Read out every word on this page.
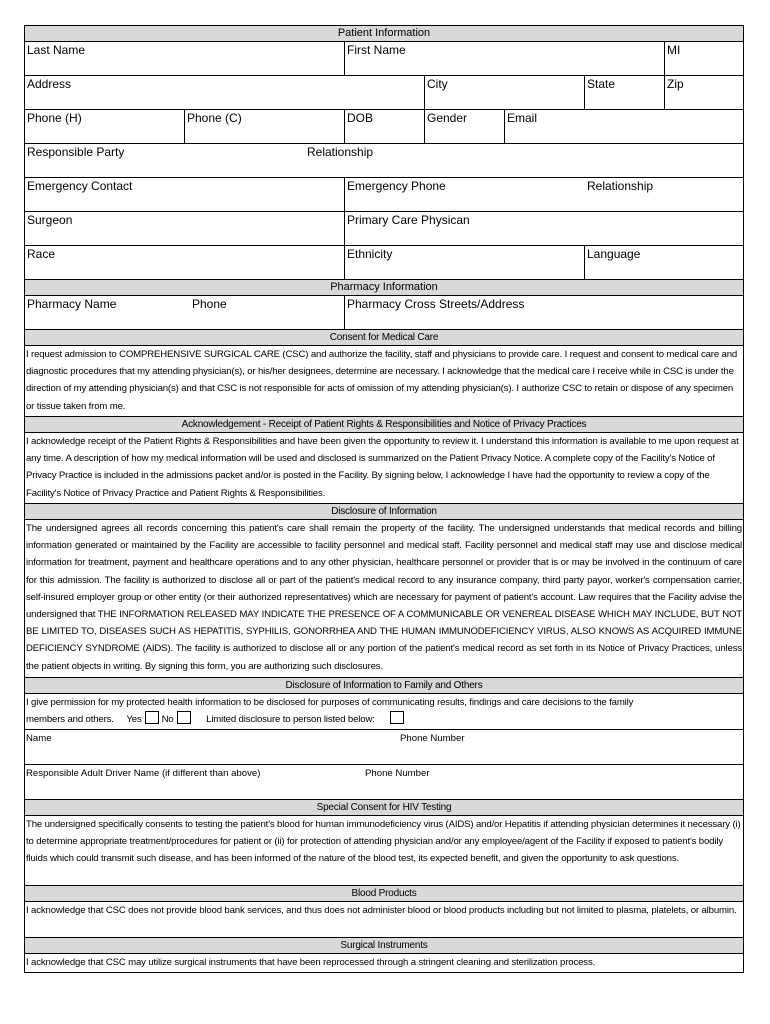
Patient Information
Last Name	First Name	MI
Address	City	State	Zip
Phone (H)	Phone (C)	DOB	Gender	Email
Responsible Party	Relationship
Emergency Contact	Emergency Phone	Relationship
Surgeon	Primary Care Physican
Race	Ethnicity	Language
Pharmacy Information
Pharmacy Name	Phone	Pharmacy Cross Streets/Address
Consent for Medical Care

I request admission to COMPREHENSIVE SURGICAL CARE (CSC) and authorize the facility, staff and physicians to provide care. I request and consent to medical care and diagnostic procedures that my attending physician(s), or his/her designees, determine are necessary. I acknowledge that the medical care I receive while in CSC is under the direction of my attending physician(s) and that CSC is not responsible for acts of omission of my attending physician(s). I authorize CSC to retain or dispose of any specimen or tissue taken from me.

Acknowledgement - Receipt of Patient Rights & Responsibilities and Notice of Privacy Practices

I acknowledge receipt of the Patient Rights & Responsibilities and have been given the opportunity to review it. I understand this information is available to me upon request at any time. A description of how my medical information will be used and disclosed is summarized on the Patient Privacy Notice. A complete copy of the Facility's Notice of Privacy Practice is included in the admissions packet and/or is posted in the Facility. By signing below, I acknowledge I have had the opportunity to review a copy of the Facility's Notice of Privacy Practice and Patient Rights & Responsibilities.

Disclosure of Information

The undersigned agrees all records concerning this patient's care shall remain the property of the facility. The undersigned understands that medical records and billing information generated or maintained by the Facility are accessible to facility personnel and medical staff. Facility personnel and medical staff may use and disclose medical information for treatment, payment and healthcare operations and to any other physician, healthcare personnel or provider that is or may be involved in the continuum of care for this admission. The facility is authorized to disclose all or part of the patient's medical record to any insurance company, third party payor, worker's compensation carrier, self-insured employer group or other entity (or their authorized representatives) which are necessary for payment of patient's account. Law requires that the Facility advise the undersigned that THE INFORMATION RELEASED MAY INDICATE THE PRESENCE OF A COMMUNICABLE OR VENEREAL DISEASE WHICH MAY INCLUDE, BUT NOT BE LIMITED TO, DISEASES SUCH AS HEPATITIS, SYPHILIS, GONORRHEA AND THE HUMAN IMMUNODEFICIENCY VIRUS, ALSO KNOWS AS ACQUIRED IMMUNE DEFICIENCY SYNDROME (AIDS). The facility is authorized to disclose all or any portion of the patient's medical record as set forth in its Notice of Privacy Practices, unless the patient objects in writing. By signing this form, you are authorizing such disclosures.

Disclosure of Information to Family and Others
I give permission for my protected health information to be disclosed for purposes of communicating results, findings and care decisions to the family
members and others. Yes No	Limited disclosure to person listed below:
Name	Phone Number
Responsible Adult Driver Name (if different than above)	Phone Number
Special Consent for HIV Testing

The undersigned specifically consents to testing the patient's blood for human immunodeficiency virus (AIDS) and/or Hepatitis if attending physician determines it necessary (i) to determine appropriate treatment/procedures for patient or (ii) for protection of attending physician and/or any employee/agent of the Facility if exposed to patient's bodily fluids which could transmit such disease, and has been informed of the nature of the blood test, its expected benefit, and given the opportunity to ask questions.

Blood Products

I acknowledge that CSC does not provide blood bank services, and thus does not administer blood or blood products including but not limited to plasma, platelets, or albumin.

Surgical Instruments

I acknowledge that CSC may utilize surgical instruments that have been reprocessed through a stringent cleaning and sterilization process.
